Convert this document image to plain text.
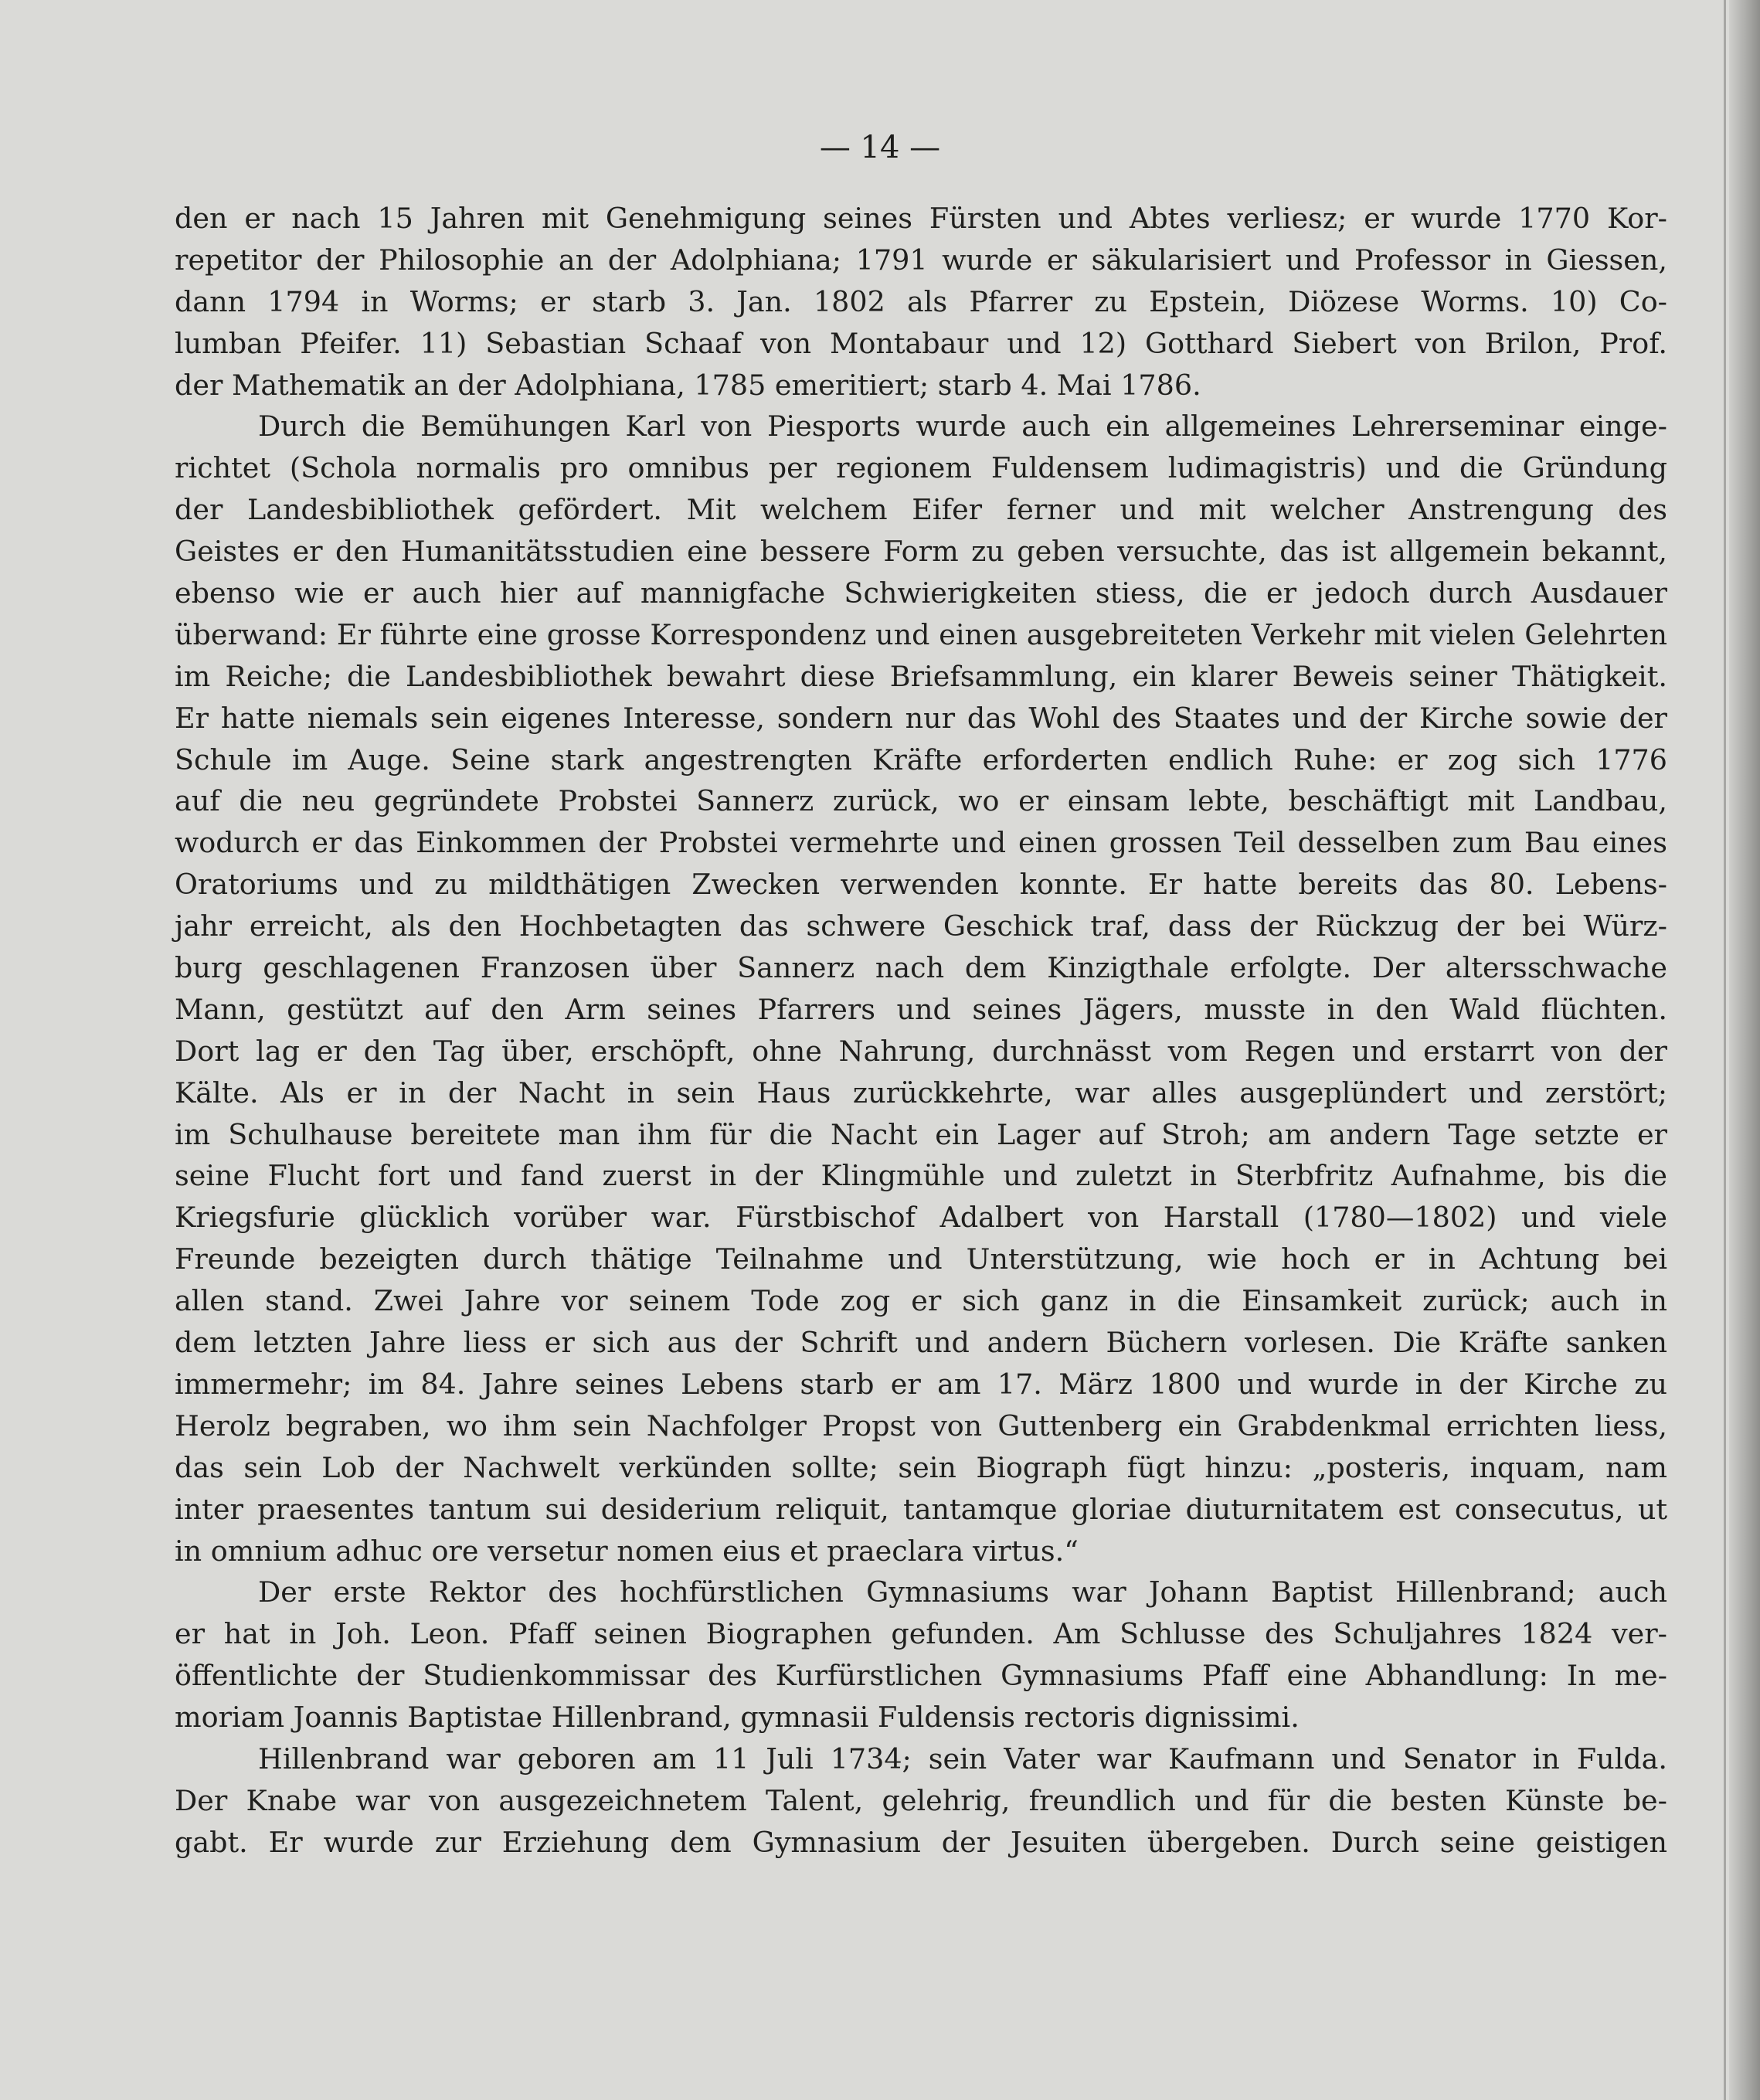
— 14 —
den er nach 15 Jahren mit Genehmigung seines Fürsten und Abtes verliesz; er wurde 1770 Kor-
repetitor der Philosophie an der Adolphiana; 1791 wurde er säkularisiert und Professor in Giessen,
dann 1794 in Worms; er starb 3. Jan. 1802 als Pfarrer zu Epstein, Diözese Worms. 10) Co-
lumban Pfeifer. 11) Sebastian Schaaf von Montabaur und 12) Gotthard Siebert von Brilon, Prof.
der Mathematik an der Adolphiana, 1785 emeritiert; starb 4. Mai 1786.
Durch die Bemühungen Karl von Piesports wurde auch ein allgemeines Lehrerseminar einge-
richtet (Schola normalis pro omnibus per regionem Fuldensem ludimagistris) und die Gründung
der Landesbibliothek gefördert. Mit welchem Eifer ferner und mit welcher Anstrengung des
Geistes er den Humanitätsstudien eine bessere Form zu geben versuchte, das ist allgemein bekannt,
ebenso wie er auch hier auf mannigfache Schwierigkeiten stiess, die er jedoch durch Ausdauer
überwand: Er führte eine grosse Korrespondenz und einen ausgebreiteten Verkehr mit vielen Gelehrten
im Reiche; die Landesbibliothek bewahrt diese Briefsammlung, ein klarer Beweis seiner Thätigkeit.
Er hatte niemals sein eigenes Interesse, sondern nur das Wohl des Staates und der Kirche sowie der
Schule im Auge. Seine stark angestrengten Kräfte erforderten endlich Ruhe: er zog sich 1776
auf die neu gegründete Probstei Sannerz zurück, wo er einsam lebte, beschäftigt mit Landbau,
wodurch er das Einkommen der Probstei vermehrte und einen grossen Teil desselben zum Bau eines
Oratoriums und zu mildthätigen Zwecken verwenden konnte. Er hatte bereits das 80. Lebens-
jahr erreicht, als den Hochbetagten das schwere Geschick traf, dass der Rückzug der bei Würz-
burg geschlagenen Franzosen über Sannerz nach dem Kinzigthale erfolgte. Der altersschwache
Mann, gestützt auf den Arm seines Pfarrers und seines Jägers, musste in den Wald flüchten.
Dort lag er den Tag über, erschöpft, ohne Nahrung, durchnässt vom Regen und erstarrt von der
Kälte. Als er in der Nacht in sein Haus zurückkehrte, war alles ausgeplündert und zerstört;
im Schulhause bereitete man ihm für die Nacht ein Lager auf Stroh; am andern Tage setzte er
seine Flucht fort und fand zuerst in der Klingmühle und zuletzt in Sterbfritz Aufnahme, bis die
Kriegsfurie glücklich vorüber war. Fürstbischof Adalbert von Harstall (1780—1802) und viele
Freunde bezeigten durch thätige Teilnahme und Unterstützung, wie hoch er in Achtung bei
allen stand. Zwei Jahre vor seinem Tode zog er sich ganz in die Einsamkeit zurück; auch in
dem letzten Jahre liess er sich aus der Schrift und andern Büchern vorlesen. Die Kräfte sanken
immermehr; im 84. Jahre seines Lebens starb er am 17. März 1800 und wurde in der Kirche zu
Herolz begraben, wo ihm sein Nachfolger Propst von Guttenberg ein Grabdenkmal errichten liess,
das sein Lob der Nachwelt verkünden sollte; sein Biograph fügt hinzu: „posteris, inquam, nam
inter praesentes tantum sui desiderium reliquit, tantamque gloriae diuturnitatem est consecutus, ut
in omnium adhuc ore versetur nomen eius et praeclara virtus.“
Der erste Rektor des hochfürstlichen Gymnasiums war Johann Baptist Hillenbrand; auch
er hat in Joh. Leon. Pfaff seinen Biographen gefunden. Am Schlusse des Schuljahres 1824 ver-
öffentlichte der Studienkommissar des Kurfürstlichen Gymnasiums Pfaff eine Abhandlung: In me-
moriam Joannis Baptistae Hillenbrand, gymnasii Fuldensis rectoris dignissimi.
Hillenbrand war geboren am 11 Juli 1734; sein Vater war Kaufmann und Senator in Fulda.
Der Knabe war von ausgezeichnetem Talent, gelehrig, freundlich und für die besten Künste be-
gabt. Er wurde zur Erziehung dem Gymnasium der Jesuiten übergeben. Durch seine geistigen
